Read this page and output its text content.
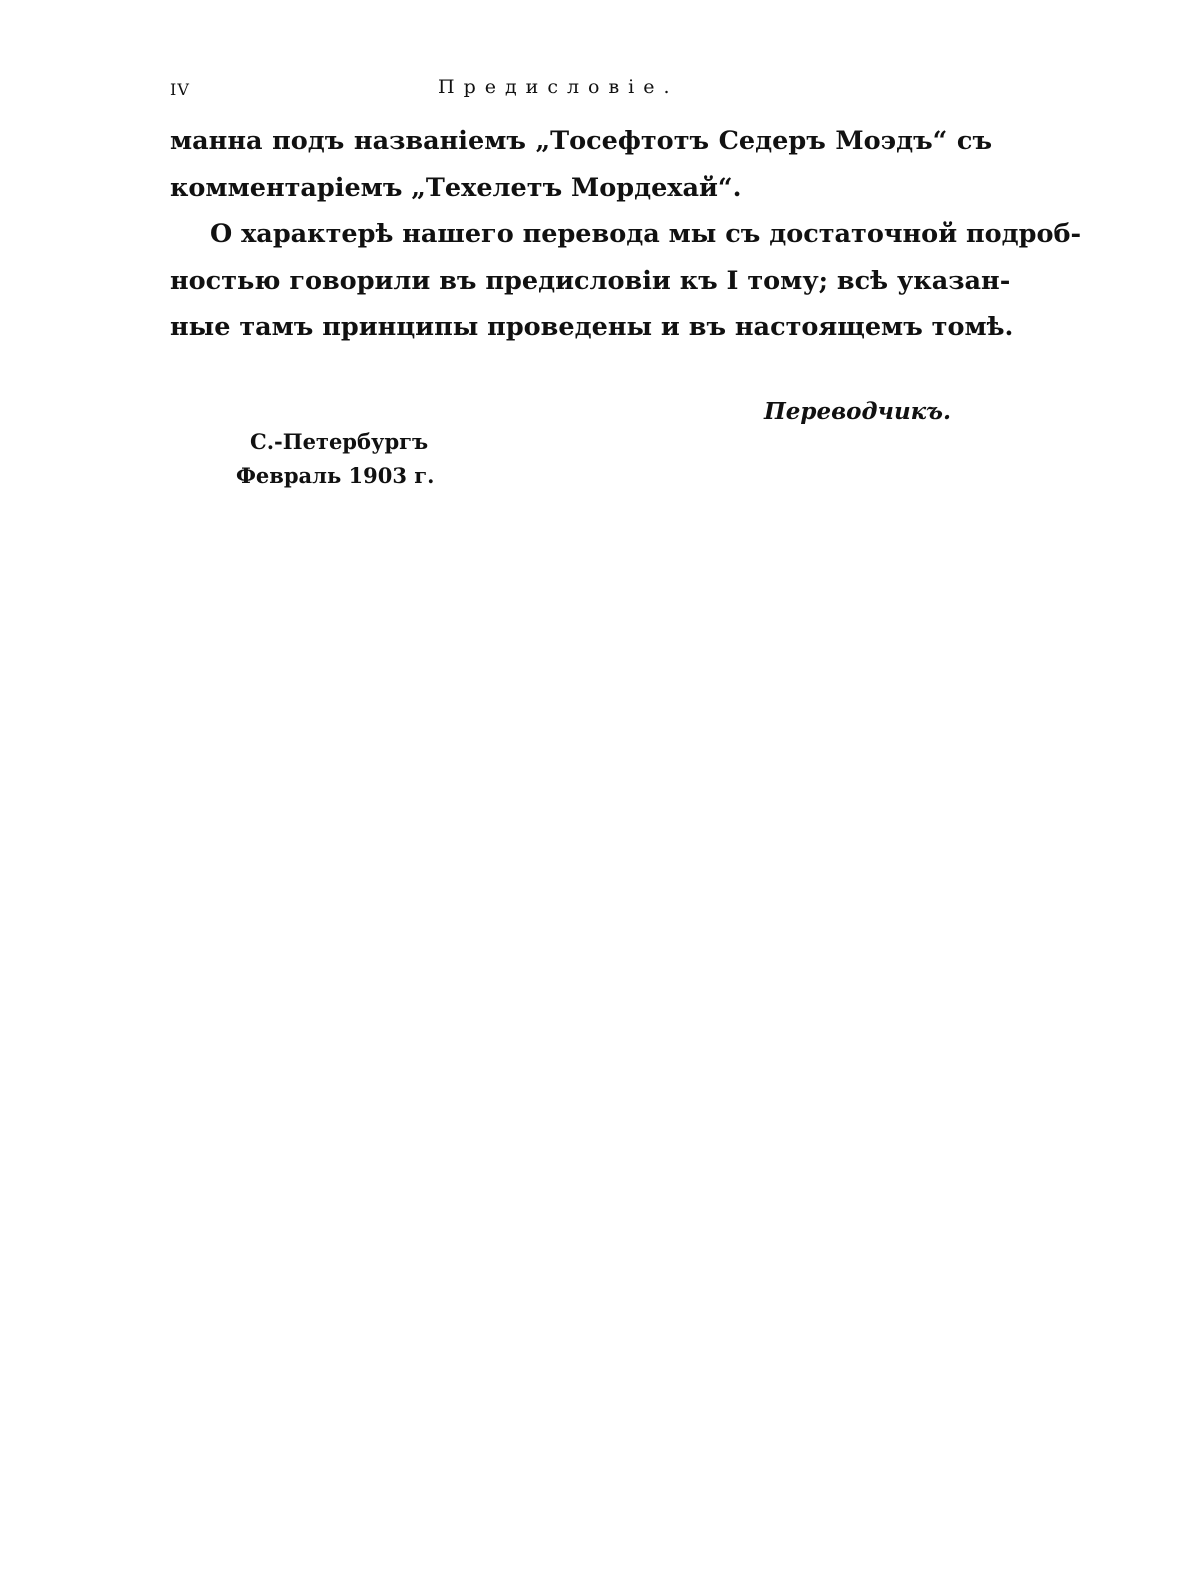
IV	Предисловіе.

манна подъ названіемъ „Тосефтотъ Седеръ Моэдъ“ съ
комментаріемъ „Техелетъ Мордехай“.

О характерѣ нашего перевода мы съ достаточной подроб-
ностью говорили въ предисловіи къ I тому; всѣ указан-
ные тамъ принципы проведены и въ настоящемъ томѣ.

Переводчикъ.
С.-Петербургъ
Февраль 1903 г.
